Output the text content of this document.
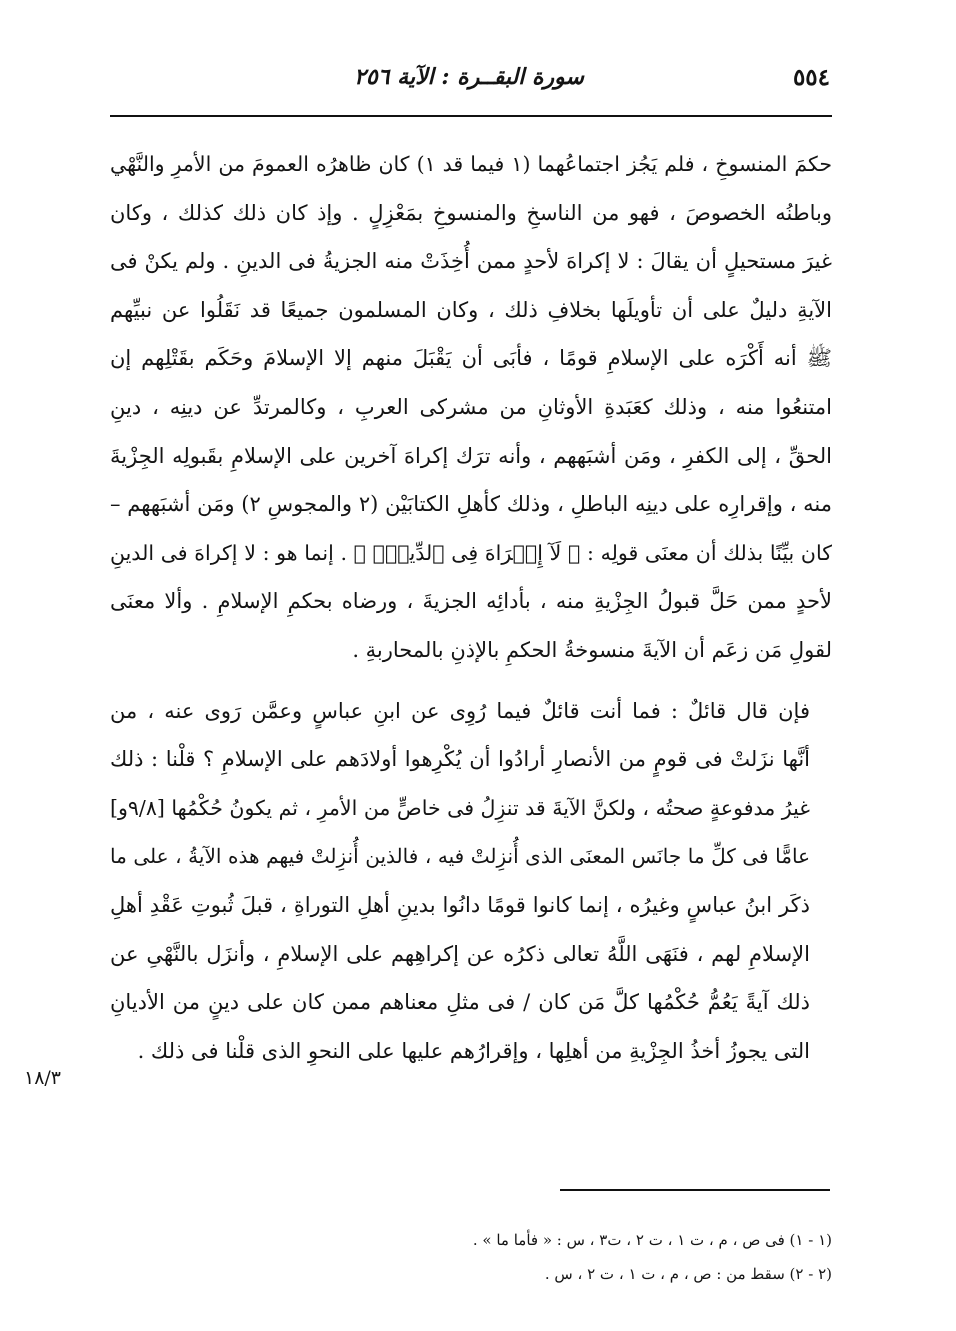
٥٥٤
سورة البقــرة : الآية ٢٥٦
حكمَ المنسوخِ ، فلم يَجُز اجتماعُهما (١ فيما قد ١) كان ظاهرُه العمومَ من الأمرِ والنَّهْي
وباطنُه الخصوصَ ، فهو من الناسخِ والمنسوخِ بمَعْزِلٍ . وإذ كان ذلك كذلك ، وكان
غيرَ مستحيلٍ أن يقالَ : لا إكراهَ لأحدٍ ممن أُخِذَتْ منه الجزيةُ فى الدينِ . ولم يكنْ فى
الآيةِ دليلٌ على أن تأويلَها بخلافِ ذلك ، وكان المسلمون جميعًا قد نَقَلُوا عن نبيِّهم
ﷺ أنه أَكْرَه على الإسلامِ قومًا ، فأبَى أن يَقْبَلَ منهم إلا الإسلامَ وحَكَم بقَتْلِهم إن
امتنعُوا منه ، وذلك كعَبَدةِ الأوثانِ من مشركى العربِ ، وكالمرتدِّ عن دينِه ، دينِ
الحقِّ ، إلى الكفرِ ، ومَن أشبَههم ، وأنه ترَك إكراهَ آخرين على الإسلامِ بقَبولِه الجِزْيةَ
منه ، وإقرارِه على دينِه الباطلِ ، وذلك كأهلِ الكتابَيْن (٢ والمجوسِ ٢) ومَن أشبَههم –
كان بيِّنًا بذلك أن معنَى قولِه : ﴿ لَآ إِكۡرَاهَ فِى ٱلدِّينِۖ ﴾ . إنما هو : لا إكراهَ فى الدينِ
لأحدٍ ممن حَلَّ قبولُ الجِزْيةِ منه ، بأدائِه الجزيةَ ، ورضاه بحكمِ الإسلامِ . وألا معنَى
لقولِ مَن زعَم أن الآيةَ منسوخةُ الحكمِ بالإذنِ بالمحاربةِ .
فإن قال قائلٌ : فما أنت قائلٌ فيما رُوِى عن ابنِ عباسٍ وعمَّن رَوى عنه ، من
أنَّها نزَلتْ فى قومٍ من الأنصارِ أرادُوا أن يُكْرِهوا أولادَهم على الإسلامِ ؟ قلْنا : ذلك
غيرُ مدفوعةٍ صحتُه ، ولكنَّ الآيةَ قد تنزِلُ فى خاصٍّ من الأمرِ ، ثم يكونُ حُكْمُها [٩/٨و]
عامًّا فى كلِّ ما جانَس المعنَى الذى أُنزِلتْ فيه ، فالذين أُنزِلتْ فيهم هذه الآيةُ ، على ما
ذكَر ابنُ عباسٍ وغيرُه ، إنما كانوا قومًا دانُوا بدينِ أهلِ التوراةِ ، قبلَ ثُبوتِ عَقْدِ أهلِ
الإسلامِ لهم ، فنَهَى اللَّهُ تعالى ذكرُه عن إكراهِهم على الإسلامِ ، وأنزَل بالنَّهْىِ عن
ذلك آيةً يَعُمُّ حُكْمُها كلَّ مَن كان / فى مثلِ معناهم ممن كان على دينٍ من الأديانِ
التى يجوزُ أخذُ الجِزْيةِ من أهلِها ، وإقرارُهم عليها على النحوِ الذى قلْنا فى ذلك .
١٨/٣
(١ - ١) فى ص ، م ، ت ١ ، ت ٢ ، ت٣ ، س : « فأما ما » .
(٢ - ٢) سقط من : ص ، م ، ت ١ ، ت ٢ ، س .
